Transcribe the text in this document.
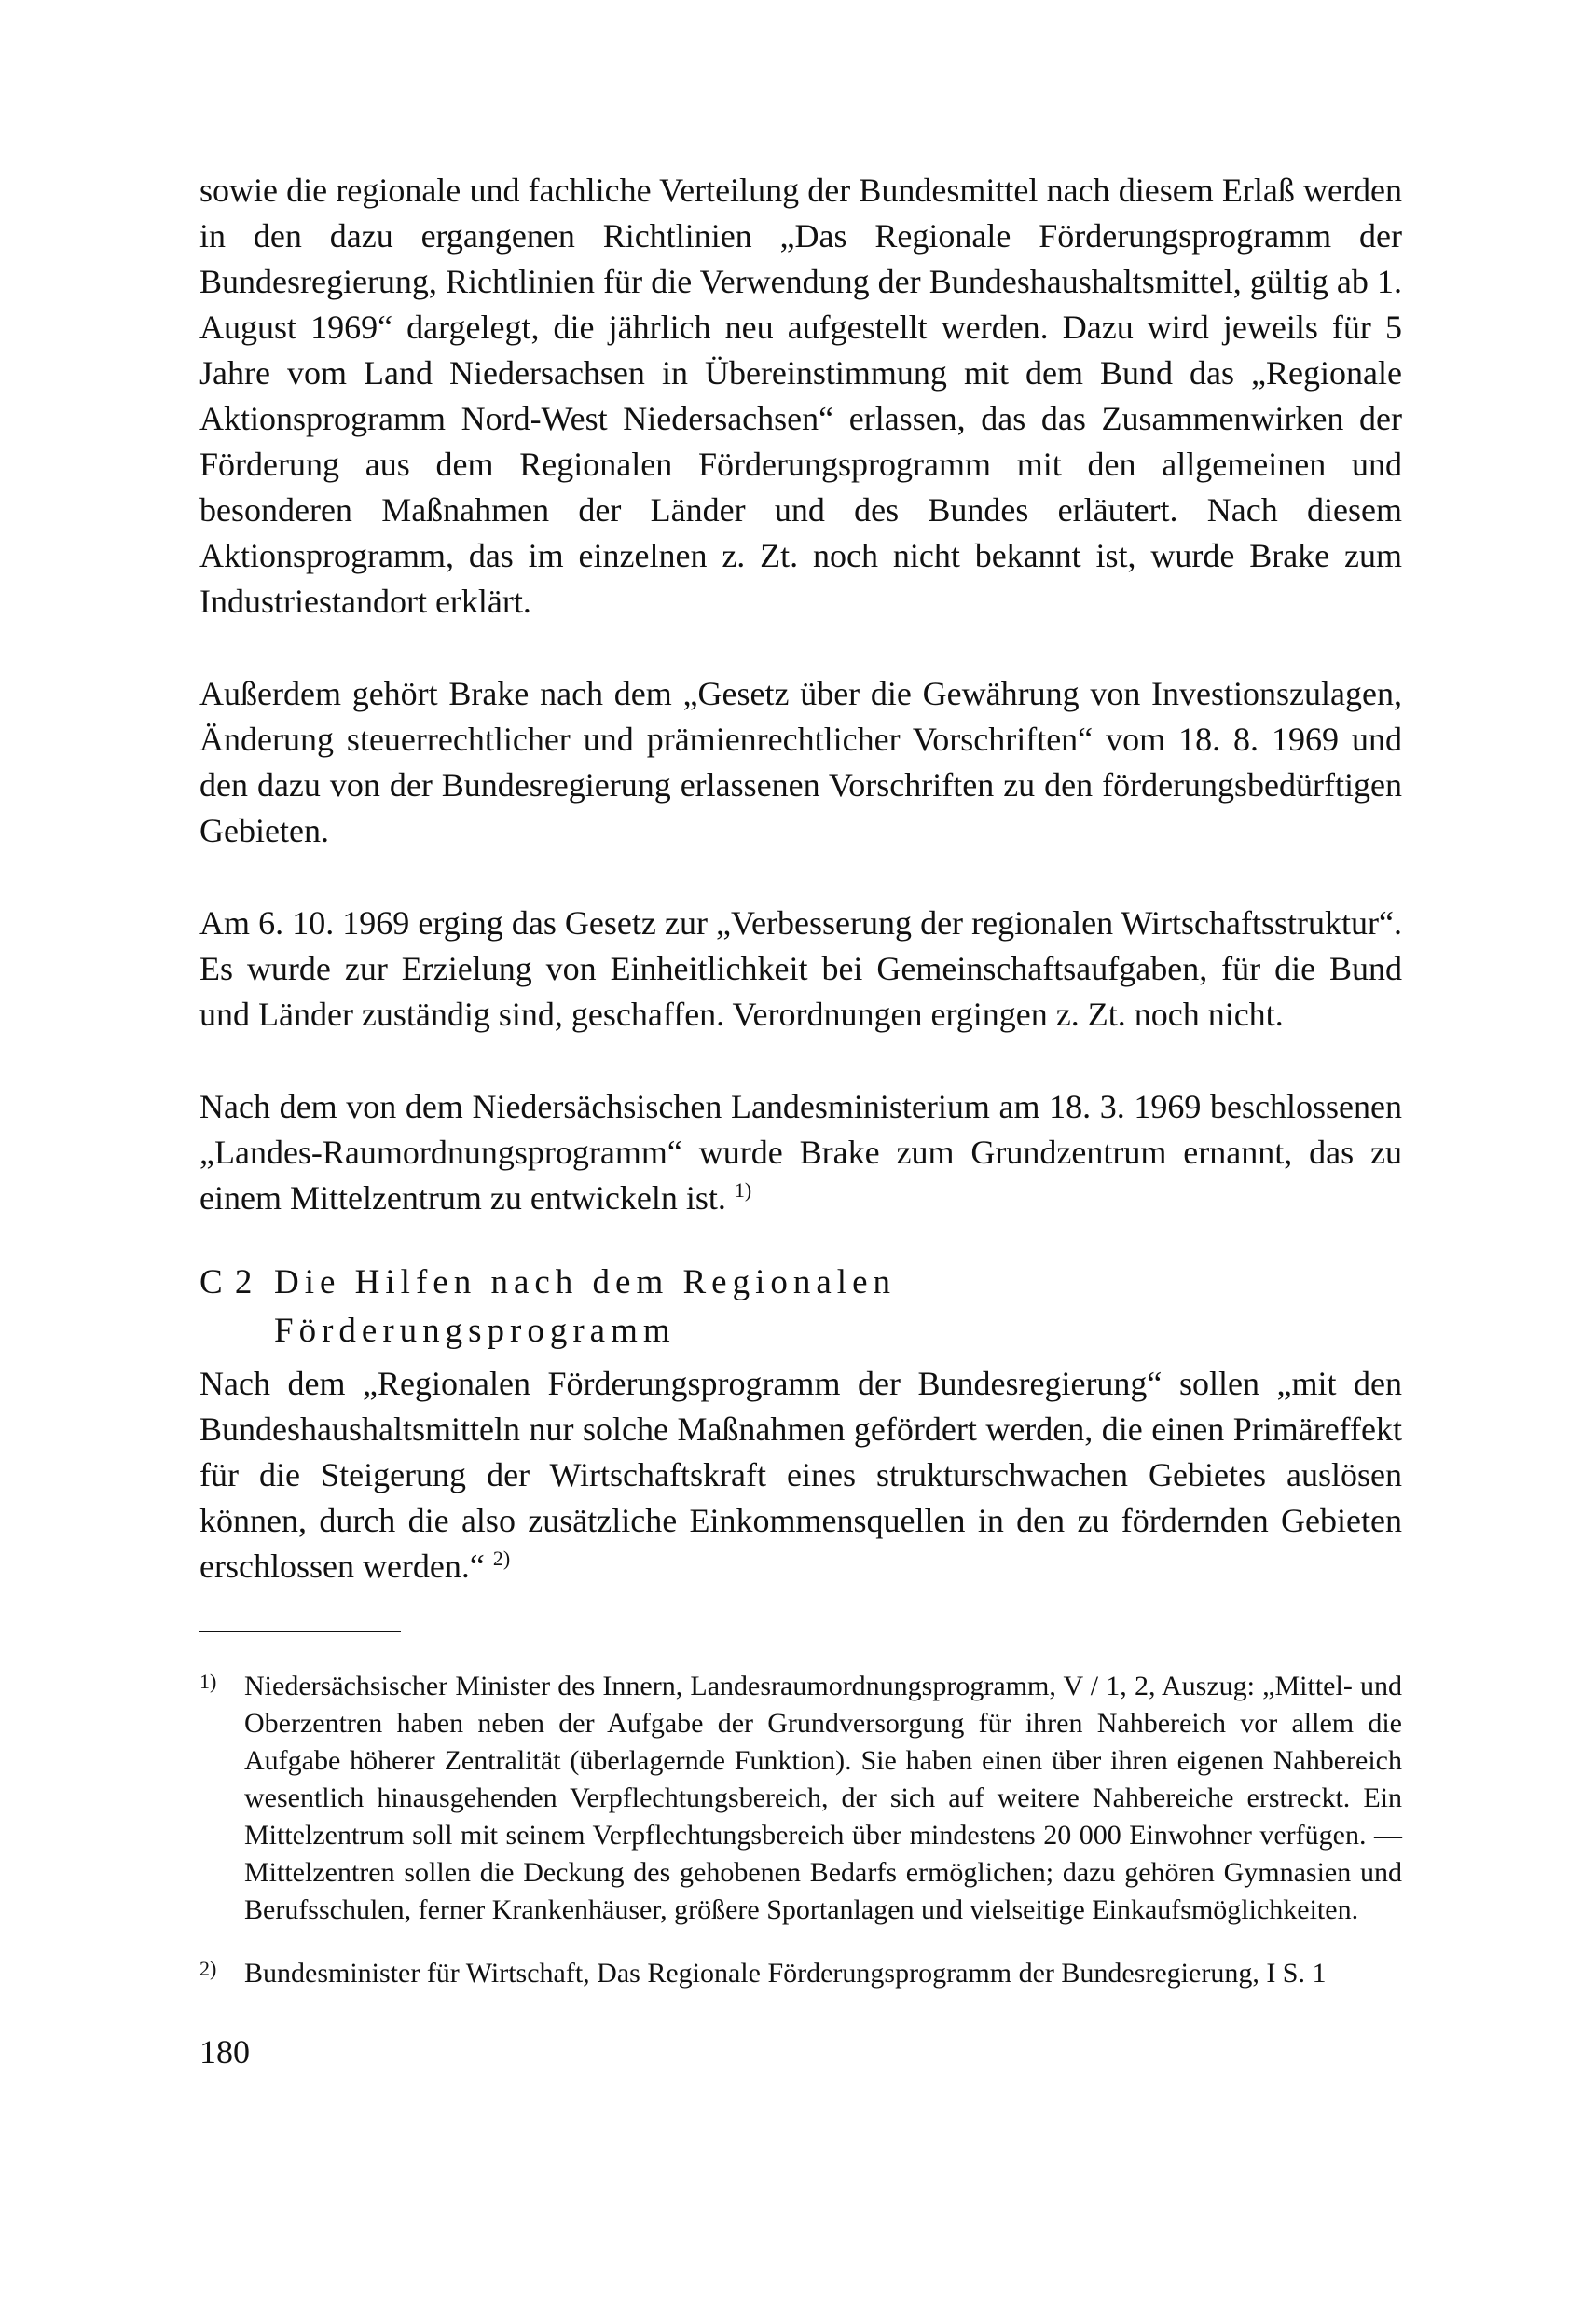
sowie die regionale und fachliche Verteilung der Bundesmittel nach diesem Erlaß werden in den dazu ergangenen Richtlinien „Das Regionale Förderungsprogramm der Bundesregierung, Richtlinien für die Verwendung der Bundeshaushaltsmittel, gültig ab 1. August 1969“ dargelegt, die jährlich neu aufgestellt werden. Dazu wird jeweils für 5 Jahre vom Land Niedersachsen in Übereinstimmung mit dem Bund das „Regionale Aktionsprogramm Nord-West Niedersachsen“ erlassen, das das Zusammenwirken der Förderung aus dem Regionalen Förderungsprogramm mit den allgemeinen und besonderen Maßnahmen der Länder und des Bundes erläutert. Nach diesem Aktionsprogramm, das im einzelnen z. Zt. noch nicht bekannt ist, wurde Brake zum Industriestandort erklärt.

Außerdem gehört Brake nach dem „Gesetz über die Gewährung von Investionszulagen, Änderung steuerrechtlicher und prämienrechtlicher Vorschriften“ vom 18. 8. 1969 und den dazu von der Bundesregierung erlassenen Vorschriften zu den förderungsbedürftigen Gebieten.

Am 6. 10. 1969 erging das Gesetz zur „Verbesserung der regionalen Wirtschaftsstruktur“. Es wurde zur Erzielung von Einheitlichkeit bei Gemeinschaftsaufgaben, für die Bund und Länder zuständig sind, geschaffen. Verordnungen ergingen z. Zt. noch nicht.

Nach dem von dem Niedersächsischen Landesministerium am 18. 3. 1969 beschlossenen „Landes-Raumordnungsprogramm“ wurde Brake zum Grundzentrum ernannt, das zu einem Mittelzentrum zu entwickeln ist. $^{1)}$

C 2 Die Hilfen nach dem Regionalen
Förderungsprogramm

Nach dem „Regionalen Förderungsprogramm der Bundesregierung“ sollen „mit den Bundeshaushaltsmitteln nur solche Maßnahmen gefördert werden, die einen Primäreffekt für die Steigerung der Wirtschaftskraft eines strukturschwachen Gebietes auslösen können, durch die also zusätzliche Einkommensquellen in den zu fördernden Gebieten erschlossen werden.“ $^{2)}$

1) Niedersächsischer Minister des Innern, Landesraumordnungsprogramm, V / 1, 2, Auszug: „Mittel- und Oberzentren haben neben der Aufgabe der Grundversorgung für ihren Nahbereich vor allem die Aufgabe höherer Zentralität (überlagernde Funktion). Sie haben einen über ihren eigenen Nahbereich wesentlich hinausgehenden Verpflechtungsbereich, der sich auf weitere Nahbereiche erstreckt. Ein Mittelzentrum soll mit seinem Verpflechtungsbereich über mindestens 20 000 Einwohner verfügen. — Mittelzentren sollen die Deckung des gehobenen Bedarfs ermöglichen; dazu gehören Gymnasien und Berufsschulen, ferner Krankenhäuser, größere Sportanlagen und vielseitige Einkaufsmöglichkeiten.

2) Bundesminister für Wirtschaft, Das Regionale Förderungsprogramm der Bundesregierung, I S. 1

180
